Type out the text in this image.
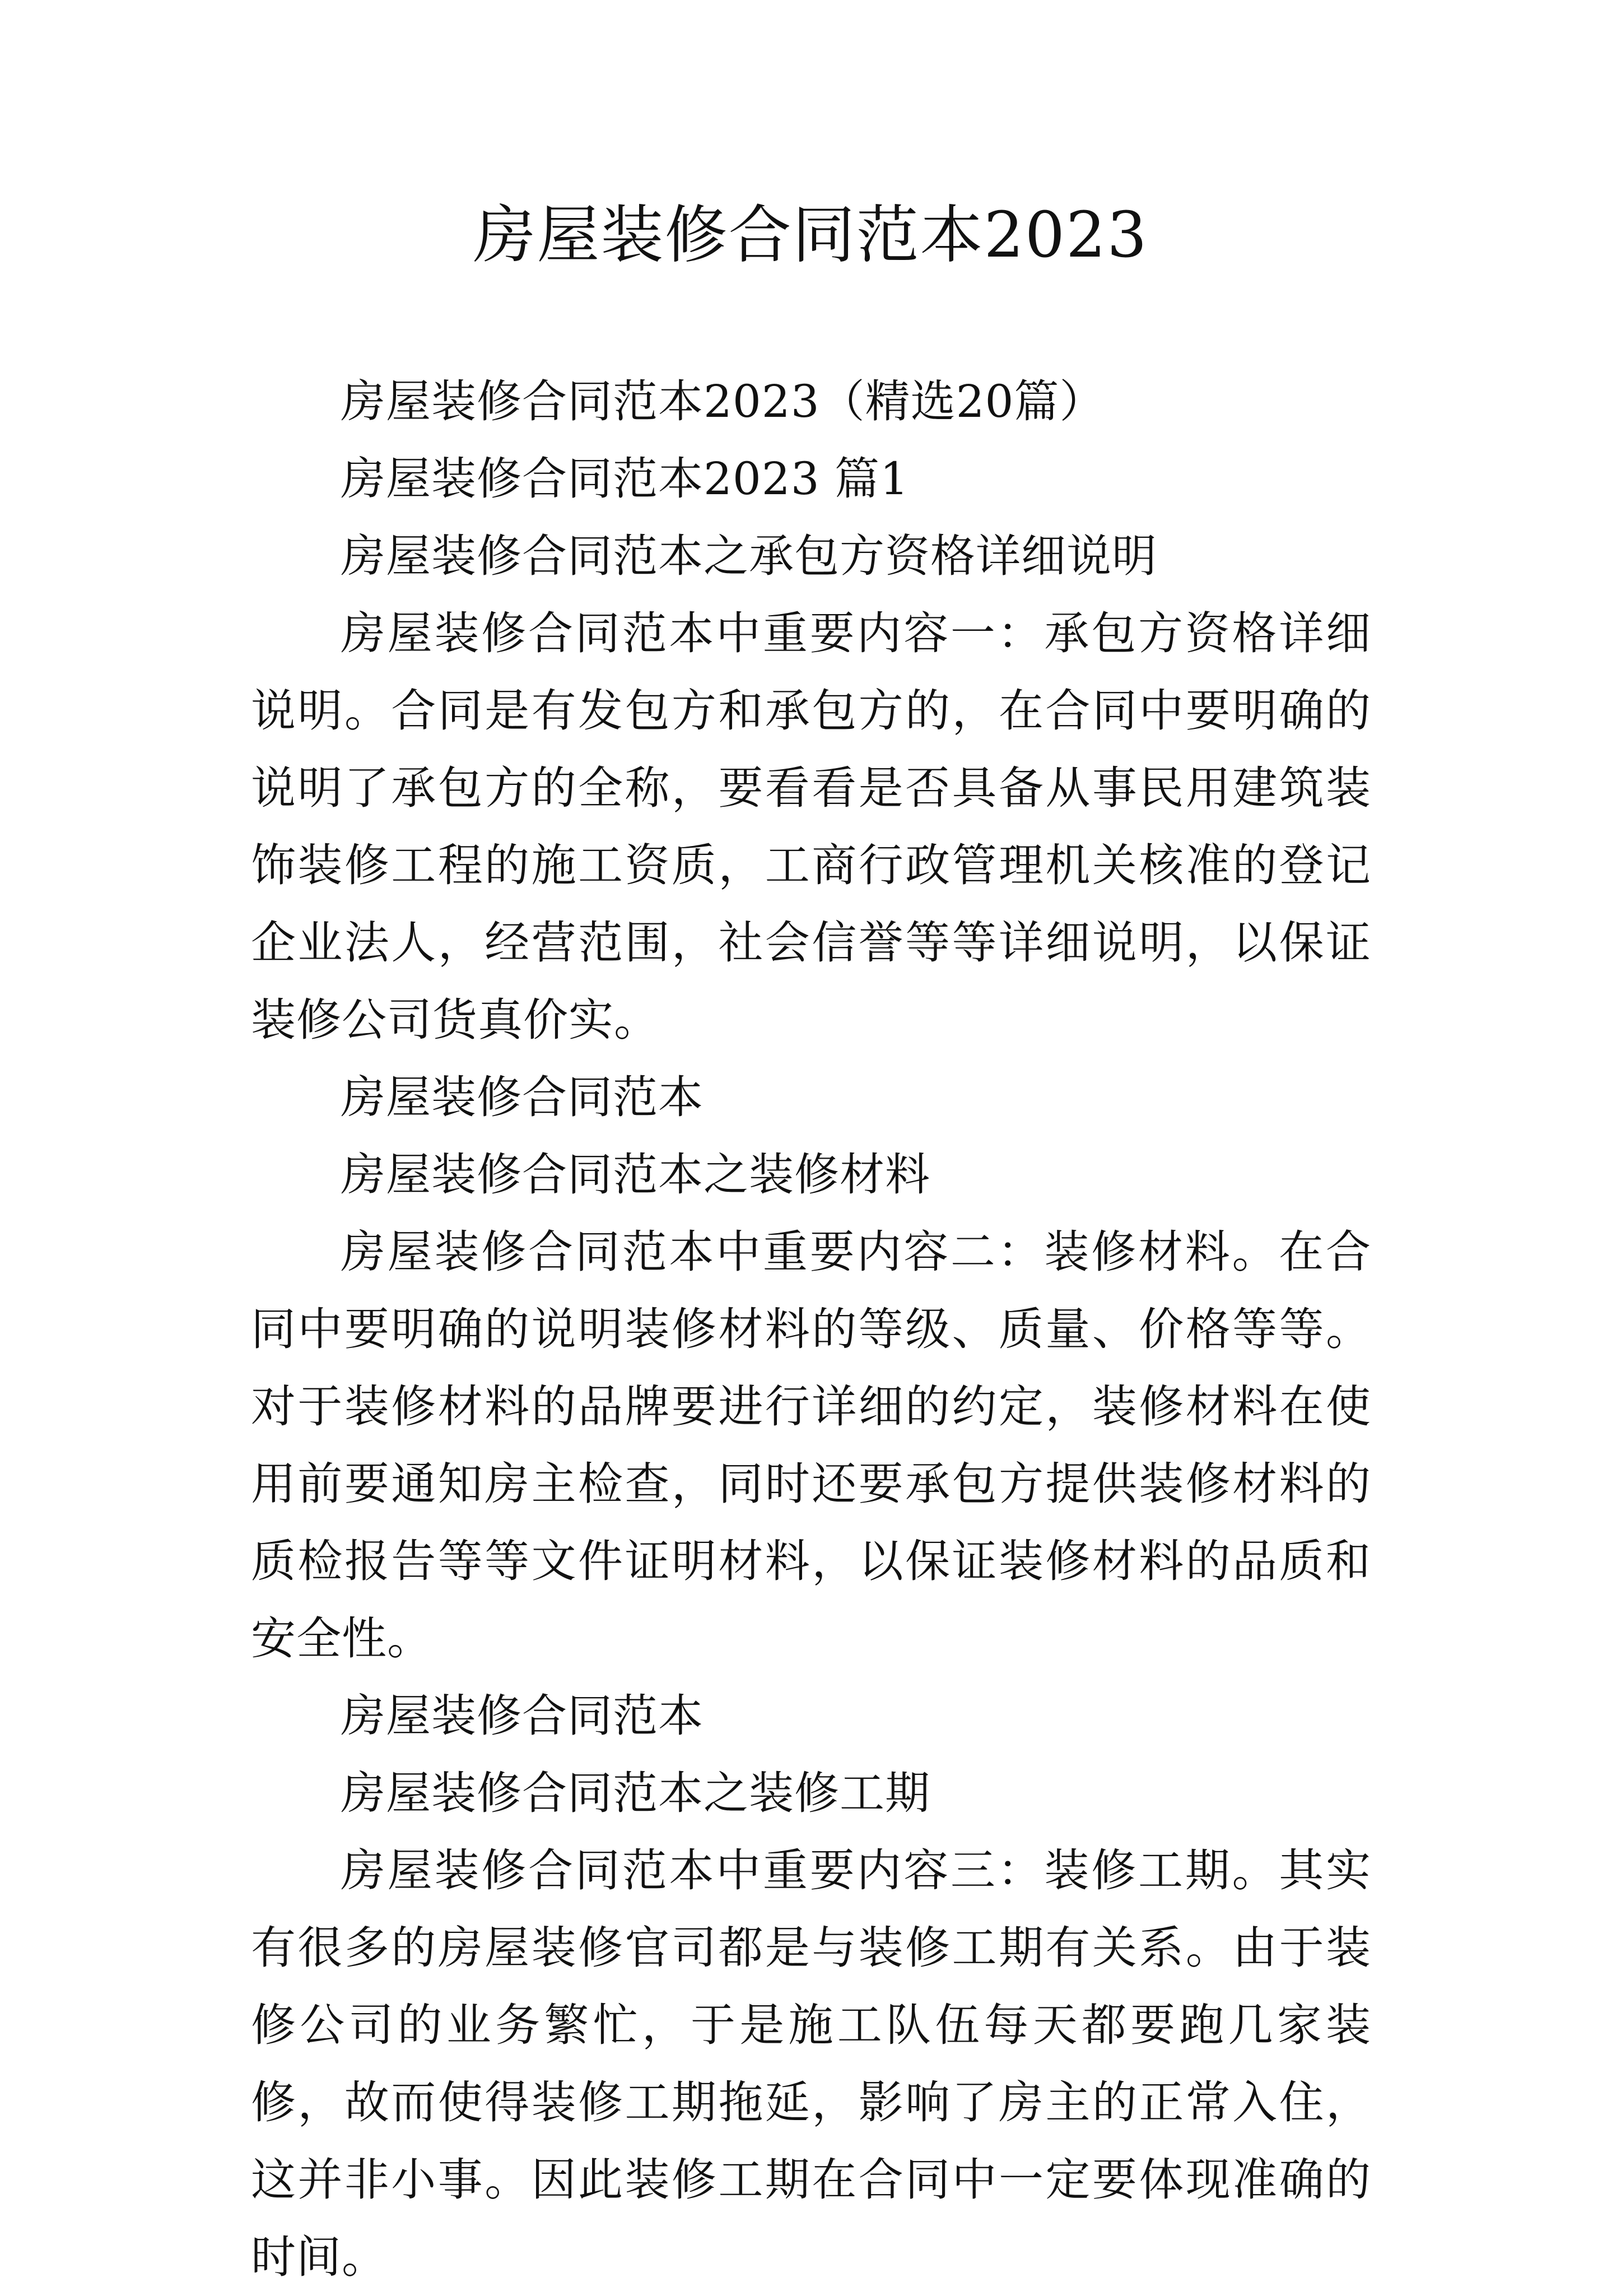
房屋装修合同范本2023

房屋装修合同范本2023（精选20篇）

房屋装修合同范本2023 篇1

房屋装修合同范本之承包方资格详细说明

房屋装修合同范本中重要内容一：承包方资格详细说明。合同是有发包方和承包方的，在合同中要明确的说明了承包方的全称，要看看是否具备从事民用建筑装饰装修工程的施工资质，工商行政管理机关核准的登记企业法人，经营范围，社会信誉等等详细说明，以保证装修公司货真价实。

房屋装修合同范本

房屋装修合同范本之装修材料

房屋装修合同范本中重要内容二：装修材料。在合同中要明确的说明装修材料的等级、质量、价格等等。对于装修材料的品牌要进行详细的约定，装修材料在使用前要通知房主检查，同时还要承包方提供装修材料的质检报告等等文件证明材料，以保证装修材料的品质和安全性。

房屋装修合同范本

房屋装修合同范本之装修工期

房屋装修合同范本中重要内容三：装修工期。其实有很多的房屋装修官司都是与装修工期有关系。由于装修公司的业务繁忙，于是施工队伍每天都要跑几家装修，故而使得装修工期拖延，影响了房主的正常入住，这并非小事。因此装修工期在合同中一定要体现准确的时间。
